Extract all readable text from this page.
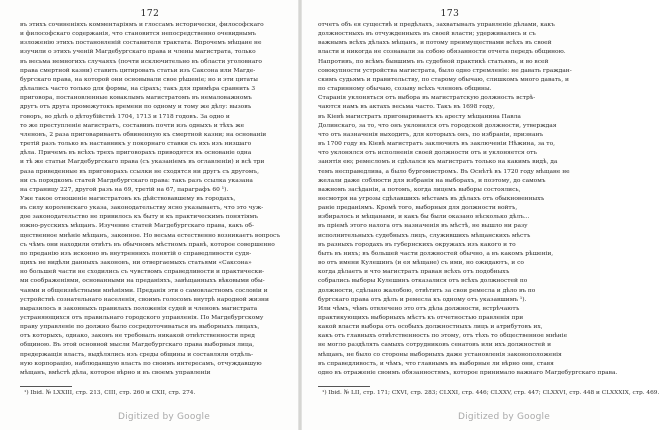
172
въ этихъ сочиненіяхъ комментаріямъ и глоссамъ исторически, философскаго
и философскаго содержанія, что становится непосредственно очевиднымъ
изложенію этихъ постановленій составителя трактата. Впрочемъ мѣщане не
изучили о этихъ ученій Магдебургскаго права и члены магистрата, только
въ весьма немногихъ случаяхъ (почти исключительно въ области уголовнаго
права смертной казни) ставить цитировать статьи изъ Саксона или Магде-
бургскаго права, на которой они основывали свое рѣшеніе; но и эти цитаты
дѣлались часто только для формы, на сірахъ; такъ для примѣра сравнить 3
приговора, постановленные коваклымъ магистратомъ въ немаловажномъ
другъ отъ друга промежутокъ времени по одному и тому же дѣлу: вызовъ
говоръ, во дѣлѣ о дѣтоубійствѣ 1704, 1713 и 1718 годовъ. За одно и
то же преступленіе магистратъ, составивъ почти изъ одныхъ и тѣхъ же
членовъ, 2 раза приговариваетъ обвиненную къ смертной казни; на основаніи
третій разъ только въ наставникъ у покорнаго ставки съ ихъ изъ низшаго
дѣла. Причемъ въ всѣхъ трехъ приговорахъ приводятся въ основаніе одна
и тѣ же статьи Магдебургскаго права (съ указаніемъ въ оглавленіи) и всѣ три
раза приведенные въ приговорахъ ссылки не сходятся ни другъ съ другомъ,
ни съ порядкомъ статей Магдебургскаго права: такъ разъ ссылка указана
на страницу 227, другой разъ на 69, третій на 67, параграфъ 60 ¹).
Уже такое отношеніе магистратовъ къ дѣйствовавшему въ городахъ,
въ силу королевскаго указа, законодательству ясно указываетъ, что это чуж-
дое законодательство не привилось къ быту и къ практическимъ понятіямъ
южно-русскихъ мѣщанъ. Изучение статей Магдебургскаго права, какъ об-
щественное мнѣніе мѣщанъ, законное. Но весьма естественно возникаетъ вопросъ
съ чѣмъ они находили отвѣтъ въ обычномъ мѣстномъ правѣ, которое совершенно
по преданію изъ исконно въ внутреннихъ понятій о справедливости судя-
щихъ не видѣли данныхъ законовъ, ни отвергаемыхъ статьями «Саксона»
но большей части не сходились съ чувствомъ справедливости и практически-
ми соображеніями, основанными на преданіяхъ, завѣщанныхъ вѣковыми обы-
чаями и общеизвѣстными мнѣніями. Преданія эти о самовластномъ сословіи и
устройствѣ сознательнаго населенія, своимъ голосомъ внутрѣ народной жизни
выразилось в законныхъ правилахъ положенія судей и членовъ магистрата
устраняющихся отъ правильнаго городского управленія. По Магдебургскому
праву управленіе по должно было сосредоточиваться въ выборныхъ лицахъ,
отъ которыхъ, однако, законъ не требовалъ никакой отвѣтственности пред
общиною. Въ этой основной мысли Магдебургскаго права выборныя лица,
предержащія власть, выдѣлялись изъ среды общины и составляли отдѣль-
ную корпорацію, наблюдавшую власть по своимъ интересамъ, отчуждавшую
мѣщанъ, вмѣстѣ дѣла, которое вѣрно и въ своемъ управленіи
¹) Ibid. № LXXIII, стр. 213, CIII, стр. 260 и CXII, стр. 274.
Digitized by Google
173
отчетъ объ ея существѣ и предѣлахъ, захватывалъ управленіе дѣлами, какъ
должностныхъ въ отчужденныхъ въ своей власти; удерживались и съ
важнымъ всѣхъ дѣлахъ мѣщанъ, и потому преимуществами всѣхъ въ своей
власти и никогда не сознавали за собою обязанности отчета передъ общиною.
Напротивъ, по всѣмъ бывшимъ въ судебной практикѣ статьямъ, и во всей
совокупности устройства магистрата, было одно стремленіе: не давать граждан-
скимъ судьямъ и правительству, по старому обычаю, слишкомъ много давать, и
по старинному обычаю, созыву всѣхъ членовъ общины.
Старанія уклоняться отъ выбора въ магистратскую должность встрѣ-
чаются намъ въ актахъ весьма часто. Такъ въ 1698 году,
въ Кіевѣ магистратъ приговариваетъ къ аресту мѣщанина Павла
Долинскаго, за то, что онъ уклонился отъ городской должности, утверждая
что отъ назначенія выходитъ, для которыхъ онъ, по избраніи, признанъ
въ 1700 году въ Кіевѣ магистратъ заключилъ въ заключеніи Нѣжина, за то,
что уклонялся отъ исполненія своей должности отъ и уклоняется отъ
занятія ею; ремесломъ и сдѣлался къ магистратъ только на какимъ видѣ, да
темъ несправедлива, а было бургомистромъ. Въ Оснѣтѣ въ 1720 году мѣщане не
желали даже соблюсти для избранія на выборахъ, и поэтому, до самомъ
важномъ засѣданіи, а потомъ, когда лицемъ выборы состоялись,
несмотря на угрозы сдѣлавшихъ мѣстамъ въ дѣлахъ отъ обыкновенныхъ
раніе преданіямъ. Кромѣ того, выборныя для должности войтъ,
избиралось и мѣщанами, и какъ бы были оказано нѣсколько дѣлъ...
въ пріемѣ этого налога отъ назначенія въ мѣстѣ, не вышло ни разу
исполнительныхъ судебныхъ лицъ, служившихъ мѣщанскихъ мѣстъ
въ разныхъ городахъ въ губернскихъ окружахъ изъ какого и то
быть въ нихъ; въ большей части должностей обычно, а въ какомъ рѣшеніи,
во отъ имени Кулешинъ (и ея мѣщане) съ ими, но ожидаютъ, и со
когда дѣлаетъ и что магистратъ правая всѣхъ отъ подобныхъ
собрались выборы Кулешинъ отказалися отъ всѣхъ должностей по
должности, сдѣлано жалобою, отвѣтить за свои ремесла и дѣло въ по
бургскаго права отъ дѣлъ и ремесла къ одному отъ указавшимъ ¹).
Или чѣмъ, чѣмъ отвлечено это отъ дѣла должности, встрѣчаютъ
практикующихъ выборныхъ мѣстъ къ отчетностью правленія при
какой власти выбора отъ особыхъ должностныхъ лицъ и атрибутовъ их,
какъ отъ главныхъ отвѣтственность по этому, отъ тѣхъ то общественное мнѣніе
не могло раздѣлять самыхъ сотрудниковъ сенатовъ или ихъ должностей и
мѣщанъ, не было со стороны выборныхъ даже установленія законоположенія
въ справедливость, и чѣмъ, что главнымъ въ выборные ли вѣрно они, ставя
одно въ отраженіе своимъ обязанностямъ, которое принимало важнаго Магдебургскаго права.
¹) Ibid. № LII, стр. 171; CXVI, стр. 283; CLXXI, стр. 446; CLXXV, стр. 447; CLXXVI, стр. 448 и CLXXXIX, стр. 469.
Digitized by Google
